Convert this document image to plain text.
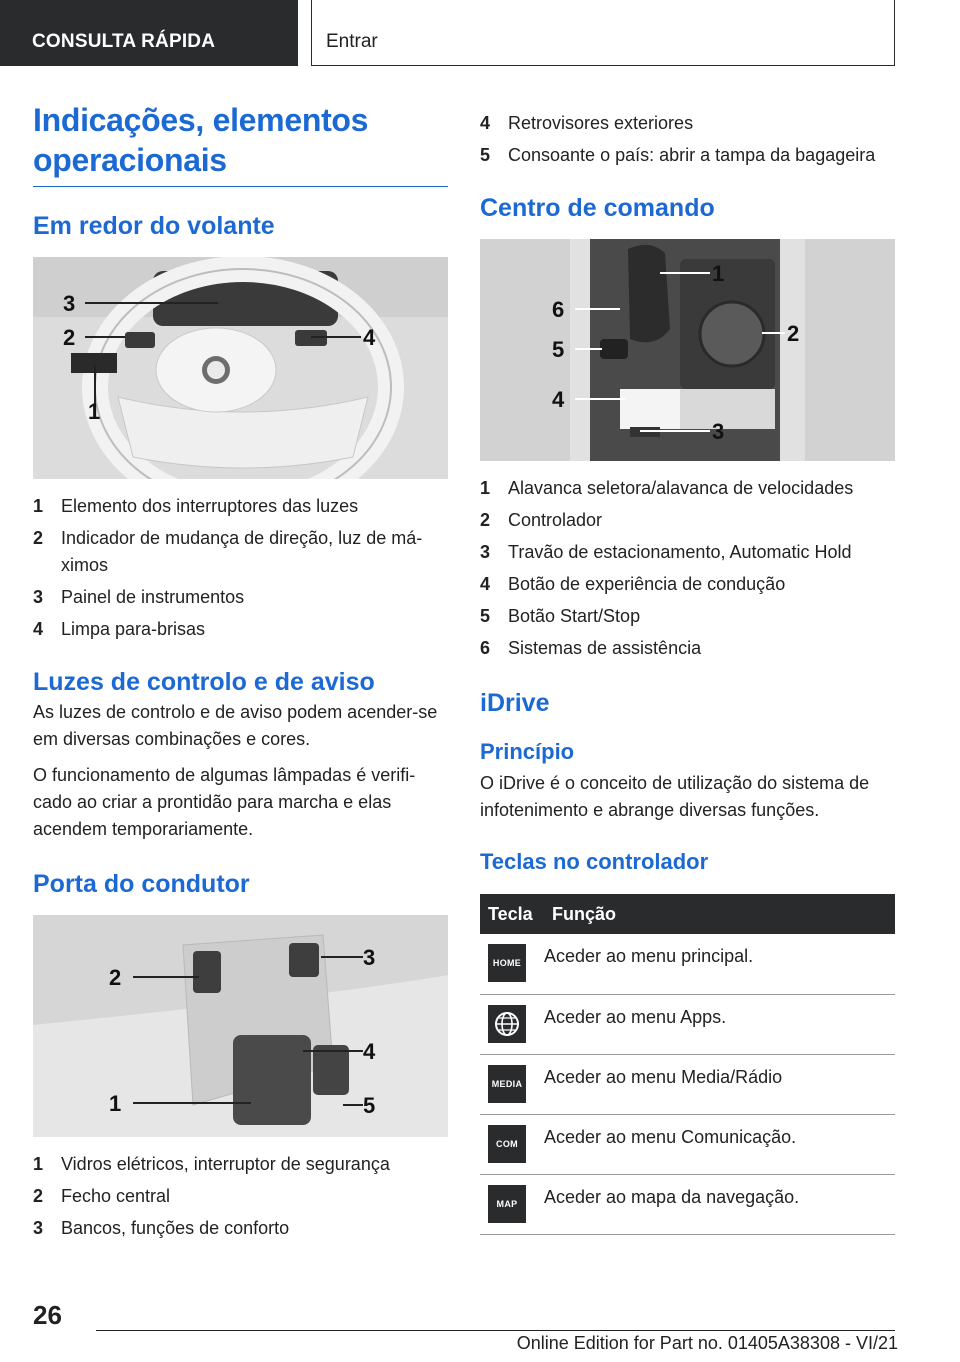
CONSULTA RÁPIDA	Entrar
Indicações, elementos operacionais
Em redor do volante
3
2
1
4
1 Elemento dos interruptores das luzes
2 Indicador de mudança de direção, luz de máximos
3 Painel de instrumentos
4 Limpa para-brisas
Luzes de controlo e de aviso

As luzes de controlo e de aviso podem acender-se em diversas combinações e cores.

O funcionamento de algumas lâmpadas é verificado ao criar a prontidão para marcha e elas acendem temporariamente.

Porta do condutor
2
3
4
1	5
1 Vidros elétricos, interruptor de segurança
2 Fecho central
3 Bancos, funções de conforto
4 Retrovisores exteriores
5 Consoante o país: abrir a tampa da bagageira
Centro de comando
1
6
2
5
4
3
1 Alavanca seletora/alavanca de velocidades
2 Controlador
3 Travão de estacionamento, Automatic Hold
4 Botão de experiência de condução
5 Botão Start/Stop
6 Sistemas de assistência
iDrive
Princípio

O iDrive é o conceito de utilização do sistema de infotenimento e abrange diversas funções.

Teclas no controlador
Tecla	Função

HOME	Aceder ao menu principal.

	Aceder ao menu Apps.

MEDIA	Aceder ao menu Media/Rádio

COM	Aceder ao menu Comunicação.

MAP	Aceder ao mapa da navegação.
26
Online Edition for Part no. 01405A38308 - VI/21
